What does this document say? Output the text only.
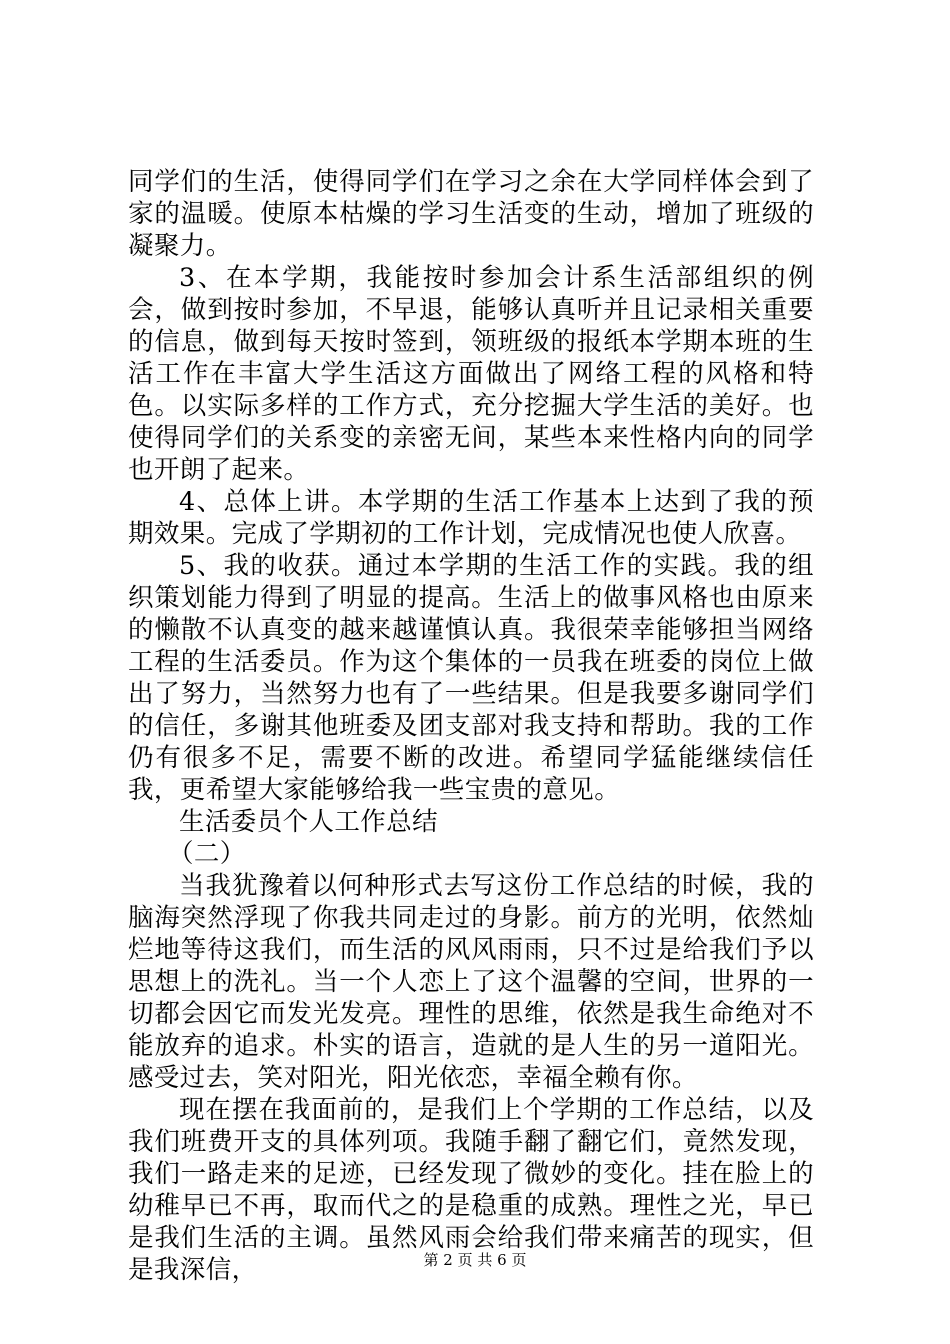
同学们的生活，使得同学们在学习之余在大学同样体会到了家的温暖。使原本枯燥的学习生活变的生动，增加了班级的凝聚力。

3、在本学期，我能按时参加会计系生活部组织的例会，做到按时参加，不早退，能够认真听并且记录相关重要的信息，做到每天按时签到，领班级的报纸本学期本班的生活工作在丰富大学生活这方面做出了网络工程的风格和特色。以实际多样的工作方式，充分挖掘大学生活的美好。也使得同学们的关系变的亲密无间，某些本来性格内向的同学也开朗了起来。

4、总体上讲。本学期的生活工作基本上达到了我的预期效果。完成了学期初的工作计划，完成情况也使人欣喜。

5、我的收获。通过本学期的生活工作的实践。我的组织策划能力得到了明显的提高。生活上的做事风格也由原来的懒散不认真变的越来越谨慎认真。我很荣幸能够担当网络工程的生活委员。作为这个集体的一员我在班委的岗位上做出了努力，当然努力也有了一些结果。但是我要多谢同学们的信任，多谢其他班委及团支部对我支持和帮助。我的工作仍有很多不足，需要不断的改进。希望同学猛能继续信任我，更希望大家能够给我一些宝贵的意见。

生活委员个人工作总结

（二）

当我犹豫着以何种形式去写这份工作总结的时候，我的脑海突然浮现了你我共同走过的身影。前方的光明，依然灿烂地等待这我们，而生活的风风雨雨，只不过是给我们予以思想上的洗礼。当一个人恋上了这个温馨的空间，世界的一切都会因它而发光发亮。理性的思维，依然是我生命绝对不能放弃的追求。朴实的语言，造就的是人生的另一道阳光。感受过去，笑对阳光，阳光依恋，幸福全赖有你。

现在摆在我面前的，是我们上个学期的工作总结，以及我们班费开支的具体列项。我随手翻了翻它们，竟然发现，我们一路走来的足迹，已经发现了微妙的变化。挂在脸上的幼稚早已不再，取而代之的是稳重的成熟。理性之光，早已是我们生活的主调。虽然风雨会给我们带来痛苦的现实，但是我深信，	第 2 页 共 6 页
